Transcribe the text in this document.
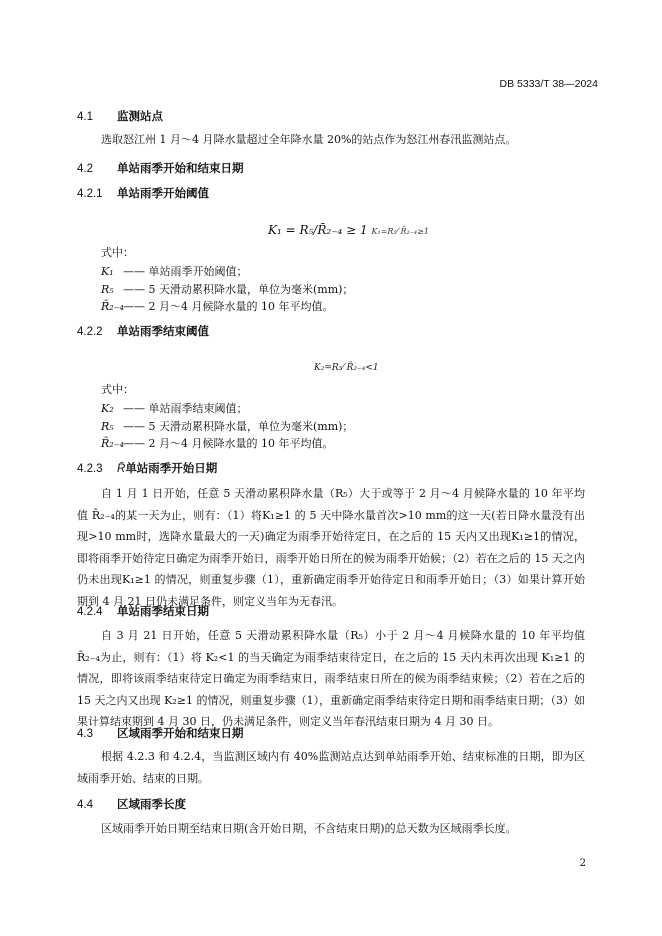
DB 5333/T 38—2024
4.1 监测站点
选取怒江州 1 月～4 月降水量超过全年降水量 20%的站点作为怒江州春汛监测站点。
4.2 单站雨季开始和结束日期
4.2.1 单站雨季开始阈值
K₁ = R₅/R̄₂₋₄ ≥ 1 K₁=R₅⁄ R̄₂₋₄≥1
式中：
K₁ —— 单站雨季开始阈值；
R₅ —— 5 天滑动累积降水量，单位为毫米(mm)；
R̄₂₋₄—— 2 月～4 月候降水量的 10 年平均值。
4.2.2 单站雨季结束阈值
K₂=R₅⁄ R̄₂₋₄<1
式中：
K₂ —— 单站雨季结束阈值；
R₅ —— 5 天滑动累积降水量，单位为毫米(mm)；
R̄₂₋₄—— 2 月～4 月候降水量的 10 年平均值。
4.2.3 R̄单站雨季开始日期
自 1 月 1 日开始，任意 5 天滑动累积降水量（R₅）大于或等于 2 月～4 月候降水量的 10 年平均值 R̄₂₋₄的某一天为止，则有：（1）将K₁≥1 的 5 天中降水量首次>10 mm的这一天(若日降水量没有出现>10 mm时，选降水量最大的一天)确定为雨季开始待定日，在之后的 15 天内又出现K₁≥1的情况，即将雨季开始待定日确定为雨季开始日，雨季开始日所在的候为雨季开始候；（2）若在之后的 15 天之内仍未出现K₁≥1 的情况，则重复步骤（1），重新确定雨季开始待定日和雨季开始日；（3）如果计算开始期到 4 月 21 日仍未满足条件，则定义当年为无春汛。
4.2.4 单站雨季结束日期
自 3 月 21 日开始，任意 5 天滑动累积降水量（R₅）小于 2 月～4 月候降水量的 10 年平均值 R̄₂₋₄为止，则有：（1）将 K₂<1 的当天确定为雨季结束待定日，在之后的 15 天内未再次出现 K₁≥1 的情况，即将该雨季结束待定日确定为雨季结束日，雨季结束日所在的候为雨季结束候；（2）若在之后的 15 天之内又出现 K₂≥1 的情况，则重复步骤（1），重新确定雨季结束待定日期和雨季结束日期；（3）如果计算结束期到 4 月 30 日，仍未满足条件，则定义当年春汛结束日期为 4 月 30 日。
4.3 区域雨季开始和结束日期
根据 4.2.3 和 4.2.4，当监测区域内有 40%监测站点达到单站雨季开始、结束标准的日期，即为区域雨季开始、结束的日期。
4.4 区域雨季长度
区域雨季开始日期至结束日期(含开始日期，不含结束日期)的总天数为区域雨季长度。
2
